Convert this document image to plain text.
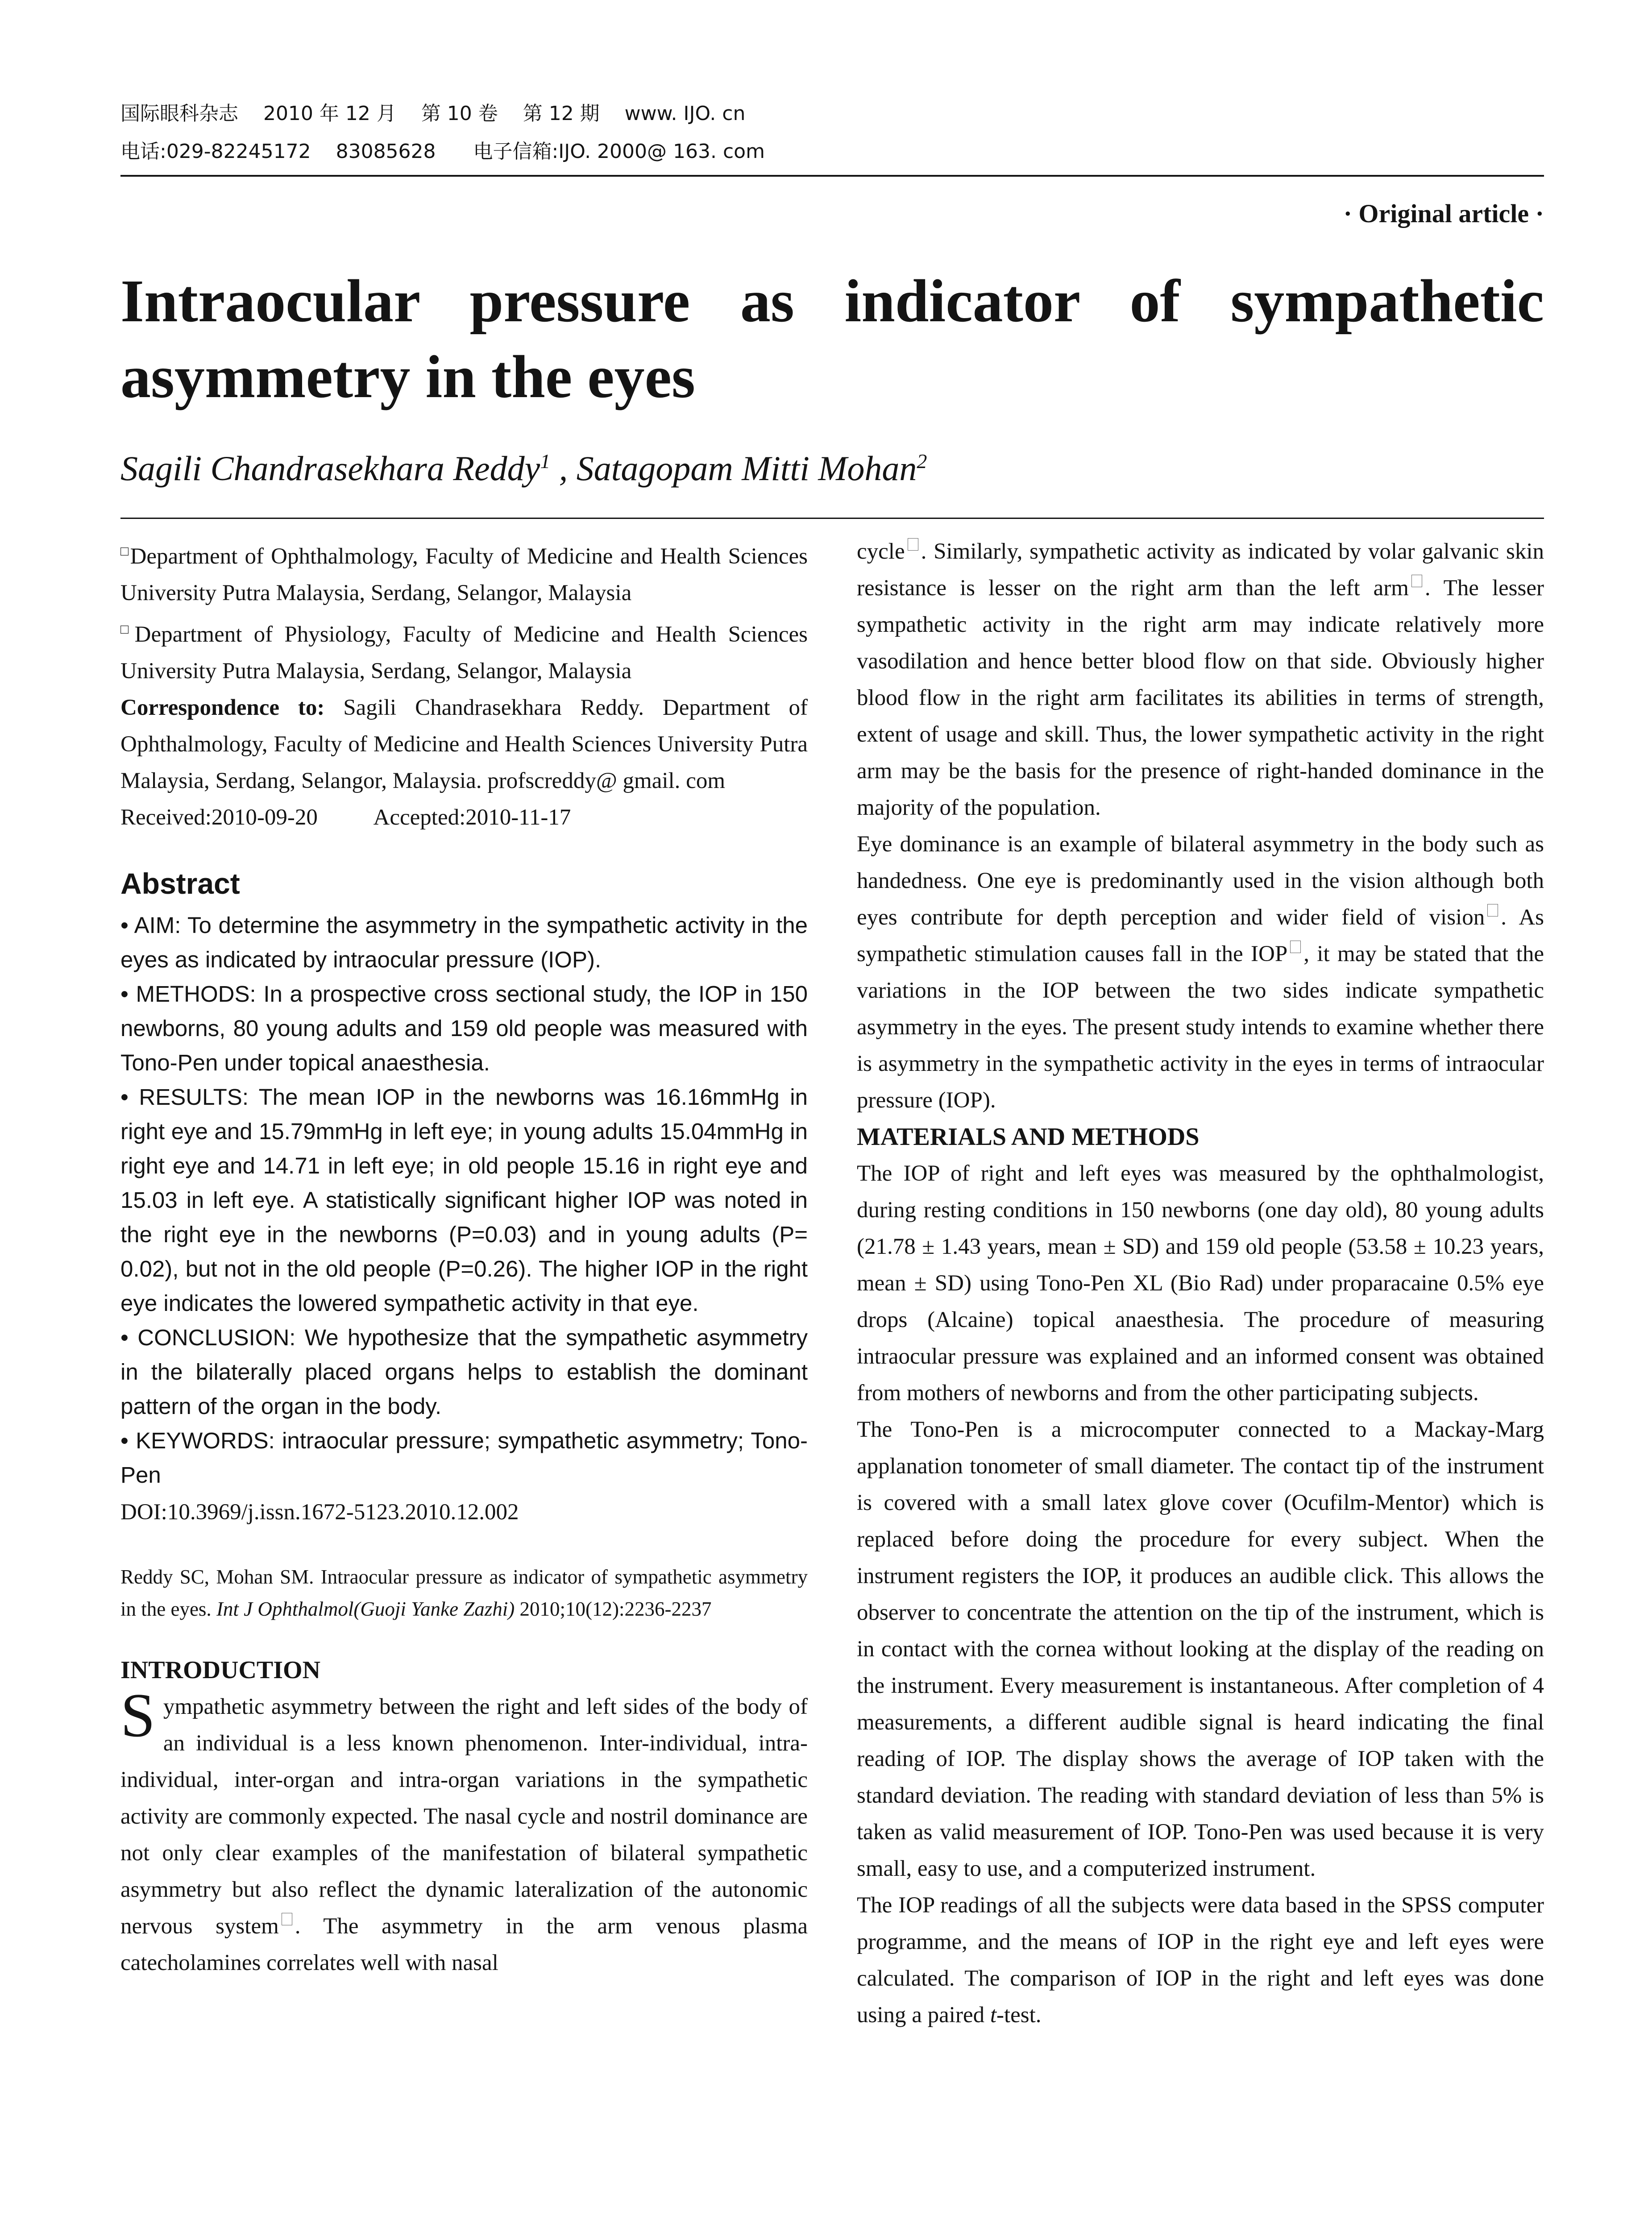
国际眼科杂志    2010 年 12 月    第 10 卷    第 12 期    www. IJO. cn
电话:029-82245172    83085628      电子信箱:IJO. 2000@ 163. com
· Original article ·
Intraocular pressure as indicator of sympathetic
asymmetry in the eyes
Sagili Chandrasekhara Reddy$^1$ , Satagopam Mitti Mohan$^2$

□Department of Ophthalmology, Faculty of Medicine and Health Sciences University Putra Malaysia, Serdang, Selangor, Malaysia

□Department of Physiology, Faculty of Medicine and Health Sciences University Putra Malaysia, Serdang, Selangor, Malaysia

Correspondence to: Sagili Chandrasekhara Reddy. Department of Ophthalmology, Faculty of Medicine and Health Sciences University Putra Malaysia, Serdang, Selangor, Malaysia. profscreddy@ gmail. com

Received:2010-09-20          Accepted:2010-11-17

Abstract

• AIM: To determine the asymmetry in the sympathetic activity in the eyes as indicated by intraocular pressure (IOP).

• METHODS: In a prospective cross sectional study, the IOP in 150 newborns, 80 young adults and 159 old people was measured with Tono-Pen under topical anaesthesia.

• RESULTS: The mean IOP in the newborns was 16.16mmHg in right eye and 15.79mmHg in left eye; in young adults 15.04mmHg in right eye and 14.71 in left eye; in old people 15.16 in right eye and 15.03 in left eye. A statistically significant higher IOP was noted in the right eye in the newborns (P=0.03) and in young adults (P= 0.02), but not in the old people (P=0.26). The higher IOP in the right eye indicates the lowered sympathetic activity in that eye.

• CONCLUSION: We hypothesize that the sympathetic asymmetry in the bilaterally placed organs helps to establish the dominant pattern of the organ in the body.

• KEYWORDS: intraocular pressure; sympathetic asymmetry; Tono-Pen

DOI:10.3969/j.issn.1672-5123.2010.12.002

Reddy SC, Mohan SM. Intraocular pressure as indicator of sympathetic asymmetry in the eyes. Int J Ophthalmol(Guoji Yanke Zazhi) 2010;10(12):2236-2237

INTRODUCTION

Sympathetic asymmetry between the right and left sides of the body of an individual is a less known phenomenon. Inter-individual, intra-individual, inter-organ and intra-organ variations in the sympathetic activity are commonly expected. The nasal cycle and nostril dominance are not only clear examples of the manifestation of bilateral sympathetic asymmetry but also reflect the dynamic lateralization of the autonomic nervous system . The asymmetry in the arm venous plasma catecholamines correlates well with nasal

cycle . Similarly, sympathetic activity as indicated by volar galvanic skin resistance is lesser on the right arm than the left arm . The lesser sympathetic activity in the right arm may indicate relatively more vasodilation and hence better blood flow on that side. Obviously higher blood flow in the right arm facilitates its abilities in terms of strength, extent of usage and skill. Thus, the lower sympathetic activity in the right arm may be the basis for the presence of right-handed dominance in the majority of the population.

Eye dominance is an example of bilateral asymmetry in the body such as handedness. One eye is predominantly used in the vision although both eyes contribute for depth perception and wider field of vision . As sympathetic stimulation causes fall in the IOP , it may be stated that the variations in the IOP between the two sides indicate sympathetic asymmetry in the eyes. The present study intends to examine whether there is asymmetry in the sympathetic activity in the eyes in terms of intraocular pressure (IOP).

MATERIALS AND METHODS

The IOP of right and left eyes was measured by the ophthalmologist, during resting conditions in 150 newborns (one day old), 80 young adults (21.78 ± 1.43 years, mean ± SD) and 159 old people (53.58 ± 10.23 years, mean ± SD) using Tono-Pen XL (Bio Rad) under proparacaine 0.5% eye drops (Alcaine) topical anaesthesia. The procedure of measuring intraocular pressure was explained and an informed consent was obtained from mothers of newborns and from the other participating subjects.

The Tono-Pen is a microcomputer connected to a Mackay-Marg applanation tonometer of small diameter. The contact tip of the instrument is covered with a small latex glove cover (Ocufilm-Mentor) which is replaced before doing the procedure for every subject. When the instrument registers the IOP, it produces an audible click. This allows the observer to concentrate the attention on the tip of the instrument, which is in contact with the cornea without looking at the display of the reading on the instrument. Every measurement is instantaneous. After completion of 4 measurements, a different audible signal is heard indicating the final reading of IOP. The display shows the average of IOP taken with the standard deviation. The reading with standard deviation of less than 5% is taken as valid measurement of IOP. Tono-Pen was used because it is very small, easy to use, and a computerized instrument.

The IOP readings of all the subjects were data based in the SPSS computer programme, and the means of IOP in the right eye and left eyes were calculated. The comparison of IOP in the right and left eyes was done using a paired t-test.
